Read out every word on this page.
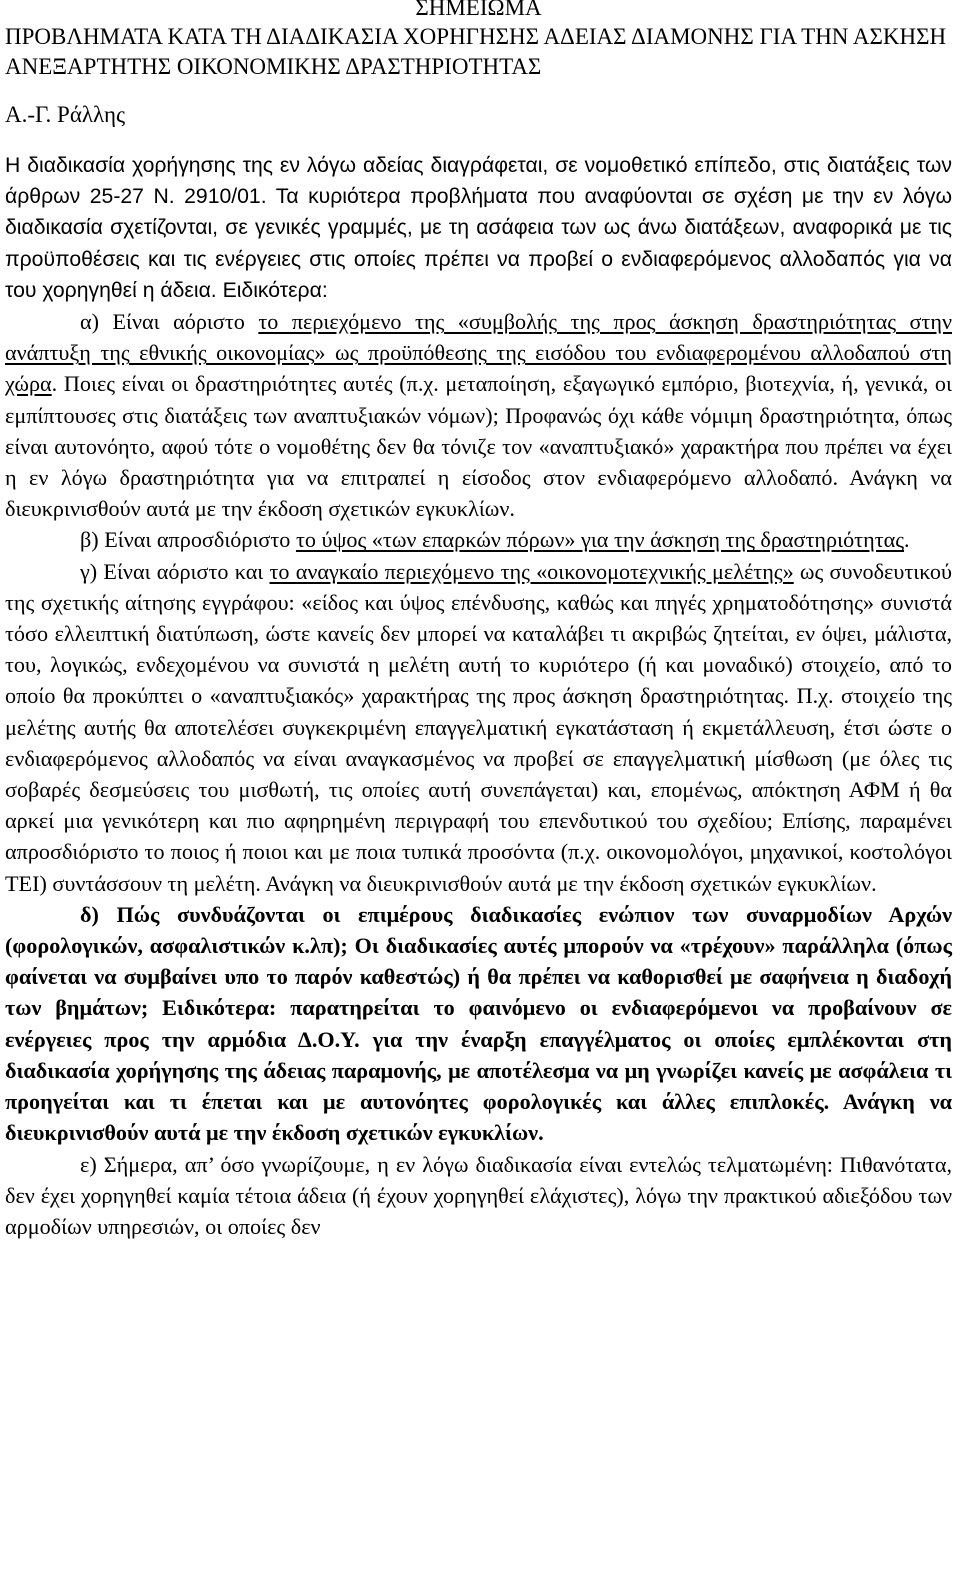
ΣΗΜΕΙΩΜΑ
ΠΡΟΒΛΗΜΑΤΑ ΚΑΤΑ ΤΗ ΔΙΑΔΙΚΑΣΙΑ ΧΟΡΗΓΗΣΗΣ ΑΔΕΙΑΣ ΔΙΑΜΟΝΗΣ ΓΙΑ ΤΗΝ ΑΣΚΗΣΗ ΑΝΕΞΑΡΤΗΤΗΣ ΟΙΚΟΝΟΜΙΚΗΣ ΔΡΑΣΤΗΡΙΟΤΗΤΑΣ
Α.-Γ. Ράλλης

Η διαδικασία χορήγησης της εν λόγω αδείας διαγράφεται, σε νομοθετικό επίπεδο, στις διατάξεις των άρθρων 25-27 Ν. 2910/01. Τα κυριότερα προβλήματα που αναφύονται σε σχέση με την εν λόγω διαδικασία σχετίζονται, σε γενικές γραμμές, με τη ασάφεια των ως άνω διατάξεων, αναφορικά με τις προϋποθέσεις και τις ενέργειες στις οποίες πρέπει να προβεί ο ενδιαφερόμενος αλλοδαπός για να του χορηγηθεί η άδεια. Ειδικότερα:

α) Είναι αόριστο το περιεχόμενο της «συμβολής της προς άσκηση δραστηριότητας στην ανάπτυξη της εθνικής οικονομίας» ως προϋπόθεσης της εισόδου του ενδιαφερομένου αλλοδαπού στη χώρα. Ποιες είναι οι δραστηριότητες αυτές (π.χ. μεταποίηση, εξαγωγικό εμπόριο, βιοτεχνία, ή, γενικά, οι εμπίπτουσες στις διατάξεις των αναπτυξιακών νόμων); Προφανώς όχι κάθε νόμιμη δραστηριότητα, όπως είναι αυτονόητο, αφού τότε ο νομοθέτης δεν θα τόνιζε τον «αναπτυξιακό» χαρακτήρα που πρέπει να έχει η εν λόγω δραστηριότητα για να επιτραπεί η είσοδος στον ενδιαφερόμενο αλλοδαπό. Ανάγκη να διευκρινισθούν αυτά με την έκδοση σχετικών εγκυκλίων.

β) Είναι απροσδιόριστο το ύψος «των επαρκών πόρων» για την άσκηση της δραστηριότητας.

γ) Είναι αόριστο και το αναγκαίο περιεχόμενο της «οικονομοτεχνικής μελέτης» ως συνοδευτικού της σχετικής αίτησης εγγράφου: «είδος και ύψος επένδυσης, καθώς και πηγές χρηματοδότησης» συνιστά τόσο ελλειπτική διατύπωση, ώστε κανείς δεν μπορεί να καταλάβει τι ακριβώς ζητείται, εν όψει, μάλιστα, του, λογικώς, ενδεχομένου να συνιστά η μελέτη αυτή το κυριότερο (ή και μοναδικό) στοιχείο, από το οποίο θα προκύπτει ο «αναπτυξιακός» χαρακτήρας της προς άσκηση δραστηριότητας. Π.χ. στοιχείο της μελέτης αυτής θα αποτελέσει συγκεκριμένη επαγγελματική εγκατάσταση ή εκμετάλλευση, έτσι ώστε ο ενδιαφερόμενος αλλοδαπός να είναι αναγκασμένος να προβεί σε επαγγελματική μίσθωση (με όλες τις σοβαρές δεσμεύσεις του μισθωτή, τις οποίες αυτή συνεπάγεται) και, επομένως, απόκτηση ΑΦΜ ή θα αρκεί μια γενικότερη και πιο αφηρημένη περιγραφή του επενδυτικού του σχεδίου; Επίσης, παραμένει απροσδιόριστο το ποιος ή ποιοι και με ποια τυπικά προσόντα (π.χ. οικονομολόγοι, μηχανικοί, κοστολόγοι ΤΕΙ) συντάσσουν τη μελέτη. Ανάγκη να διευκρινισθούν αυτά με την έκδοση σχετικών εγκυκλίων.

δ) Πώς συνδυάζονται οι επιμέρους διαδικασίες ενώπιον των συναρμοδίων Αρχών (φορολογικών, ασφαλιστικών κ.λπ); Οι διαδικασίες αυτές μπορούν να «τρέχουν» παράλληλα (όπως φαίνεται να συμβαίνει υπο το παρόν καθεστώς) ή θα πρέπει να καθορισθεί με σαφήνεια η διαδοχή των βημάτων; Ειδικότερα: παρατηρείται το φαινόμενο οι ενδιαφερόμενοι να προβαίνουν σε ενέργειες προς την αρμόδια Δ.Ο.Υ. για την έναρξη επαγγέλματος οι οποίες εμπλέκονται στη διαδικασία χορήγησης της άδειας παραμονής, με αποτέλεσμα να μη γνωρίζει κανείς με ασφάλεια τι προηγείται και τι έπεται και με αυτονόητες φορολογικές και άλλες επιπλοκές. Ανάγκη να διευκρινισθούν αυτά με την έκδοση σχετικών εγκυκλίων.

ε) Σήμερα, απ’ όσο γνωρίζουμε, η εν λόγω διαδικασία είναι εντελώς τελματωμένη: Πιθανότατα, δεν έχει χορηγηθεί καμία τέτοια άδεια (ή έχουν χορηγηθεί ελάχιστες), λόγω την πρακτικού αδιεξόδου των αρμοδίων υπηρεσιών, οι οποίες δεν
